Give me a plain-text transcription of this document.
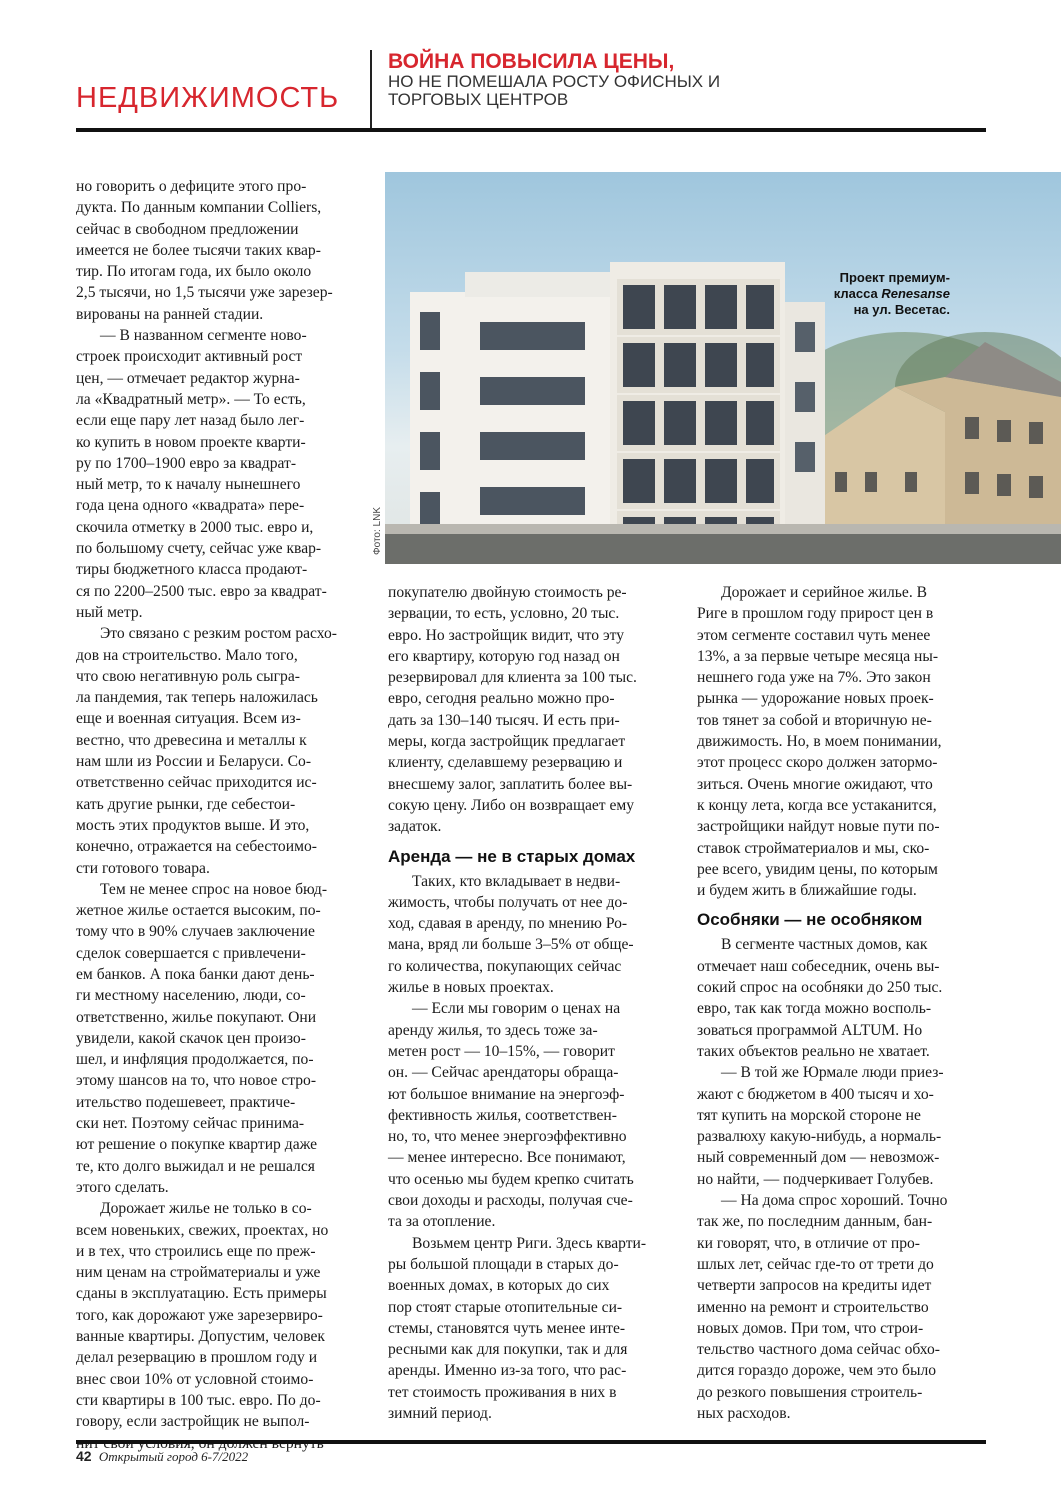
НЕДВИЖИМОСТЬ
ВОЙНА ПОВЫСИЛА ЦЕНЫ,
НО НЕ ПОМЕШАЛА РОСТУ ОФИСНЫХ И ТОРГОВЫХ ЦЕНТРОВ
Фото: LNK
Проект премиум-
класса Renesanse
на ул. Весетас.

но говорить о дефиците этого про-
дукта. По данным компании Colliers,
сейчас в свободном предложении
имеется не более тысячи таких квар-
тир. По итогам года, их было около
2,5 тысячи, но 1,5 тысячи уже зарезер-
вированы на ранней стадии.

— В названном сегменте ново-
строек происходит активный рост
цен, — отмечает редактор журна-
ла «Квадратный метр». — То есть,
если еще пару лет назад было лег-
ко купить в новом проекте кварти-
ру по 1700–1900 евро за квадрат-
ный метр, то к началу нынешнего
года цена одного «квадрата» пере-
скочила отметку в 2000 тыс. евро и,
по большому счету, сейчас уже квар-
тиры бюджетного класса продают-
ся по 2200–2500 тыс. евро за квадрат-
ный метр.

Это связано с резким ростом расхо-
дов на строительство. Мало того,
что свою негативную роль сыгра-
ла пандемия, так теперь наложилась
еще и военная ситуация. Всем из-
вестно, что древесина и металлы к
нам шли из России и Беларуси. Со-
ответственно сейчас приходится ис-
кать другие рынки, где себестои-
мость этих продуктов выше. И это,
конечно, отражается на себестоимо-
сти готового товара.

Тем не менее спрос на новое бюд-
жетное жилье остается высоким, по-
тому что в 90% случаев заключение
сделок совершается с привлечени-
ем банков. А пока банки дают день-
ги местному населению, люди, со-
ответственно, жилье покупают. Они
увидели, какой скачок цен произо-
шел, и инфляция продолжается, по-
этому шансов на то, что новое стро-
ительство подешевеет, практиче-
ски нет. Поэтому сейчас принима-
ют решение о покупке квартир даже
те, кто долго выжидал и не решался
этого сделать.

Дорожает жилье не только в со-
всем новеньких, свежих, проектах, но
и в тех, что строились еще по преж-
ним ценам на стройматериалы и уже
сданы в эксплуатацию. Есть примеры
того, как дорожают уже зарезервиро-
ванные квартиры. Допустим, человек
делал резервацию в прошлом году и
внес свои 10% от условной стоимо-
сти квартиры в 100 тыс. евро. По до-
говору, если застройщик не выпол-

покупателю двойную стоимость ре-
зервации, то есть, условно, 20 тыс.
евро. Но застройщик видит, что эту
его квартиру, которую год назад он
резервировал для клиента за 100 тыс.
евро, сегодня реально можно про-
дать за 130–140 тысяч. И есть при-
меры, когда застройщик предлагает
клиенту, сделавшему резервацию и
внесшему залог, заплатить более вы-
сокую цену. Либо он возвращает ему
задаток.

Аренда — не в старых домах

Таких, кто вкладывает в недви-
жимость, чтобы получать от нее до-
ход, сдавая в аренду, по мнению Ро-
мана, вряд ли больше 3–5% от обще-
го количества, покупающих сейчас
жилье в новых проектах.

— Если мы говорим о ценах на
аренду жилья, то здесь тоже за-
метен рост — 10–15%, — говорит
он. — Сейчас арендаторы обраща-
ют большое внимание на энергоэф-
фективность жилья, соответствен-
но, то, что менее энергоэффективно
— менее интересно. Все понимают,
что осенью мы будем крепко считать
свои доходы и расходы, получая сче-
та за отопление.

Возьмем центр Риги. Здесь кварти-
ры большой площади в старых до-
военных домах, в которых до сих
пор стоят старые отопительные си-
стемы, становятся чуть менее инте-
ресными как для покупки, так и для
аренды. Именно из-за того, что рас-
тет стоимость проживания в них в
зимний период.

Дорожает и серийное жилье. В
Риге в прошлом году прирост цен в
этом сегменте составил чуть менее
13%, а за первые четыре месяца ны-
нешнего года уже на 7%. Это закон
рынка — удорожание новых проек-
тов тянет за собой и вторичную не-
движимость. Но, в моем понимании,
этот процесс скоро должен затормо-
зиться. Очень многие ожидают, что
к концу лета, когда все устаканится,
застройщики найдут новые пути по-
ставок стройматериалов и мы, ско-
рее всего, увидим цены, по которым
и будем жить в ближайшие годы.

Особняки — не особняком

В сегменте частных домов, как
отмечает наш собеседник, очень вы-
сокий спрос на особняки до 250 тыс.
евро, так как тогда можно восполь-
зоваться программой ALTUM. Но
таких объектов реально не хватает.

— В той же Юрмале люди приез-
жают с бюджетом в 400 тысяч и хо-
тят купить на морской стороне не
развалюху какую-нибудь, а нормаль-
ный современный дом — невозмож-
но найти, — подчеркивает Голубев.

— На дома спрос хороший. Точно
так же, по последним данным, бан-
ки говорят, что, в отличие от про-
шлых лет, сейчас где-то от трети до
четверти запросов на кредиты идет
именно на ремонт и строительство
новых домов. При том, что строи-
тельство частного дома сейчас обхо-
дится гораздо дороже, чем это было
до резкого повышения строитель-
ных расходов.

42 Открытый город 6-7/2022
